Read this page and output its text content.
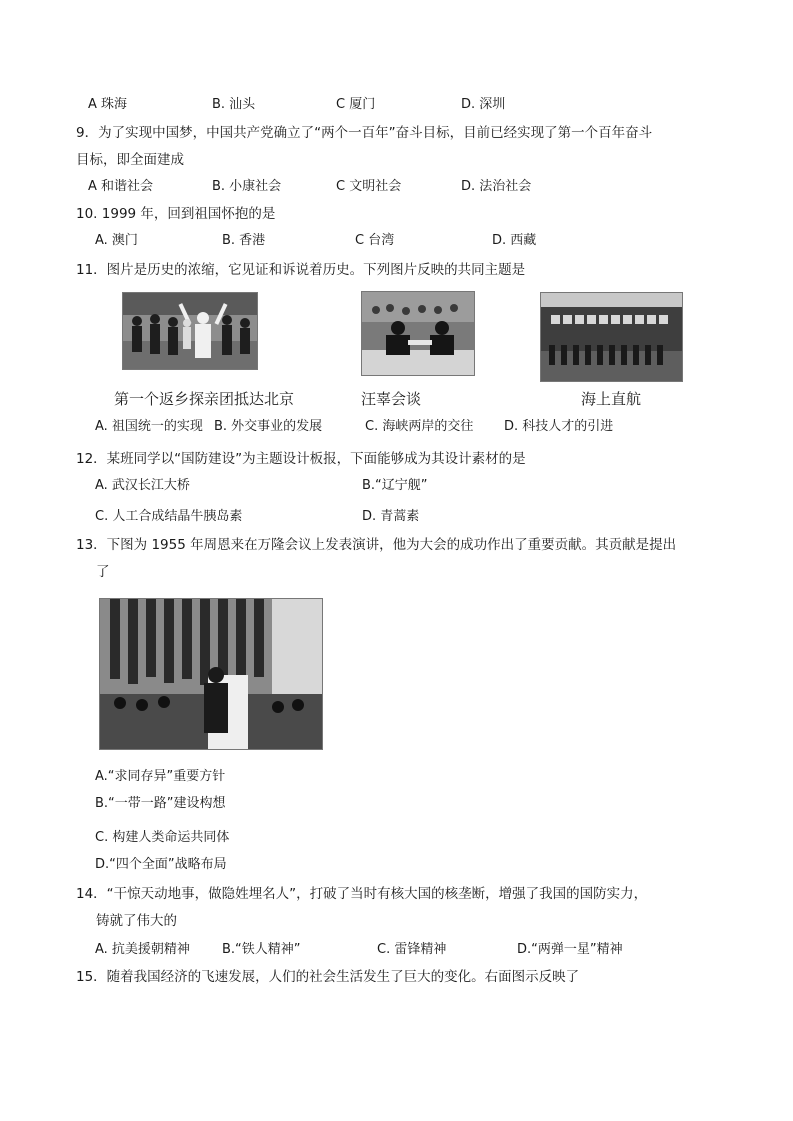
A 珠海	B. 汕头	C 厦门	D. 深圳
9．为了实现中国梦，中国共产党确立了“两个一百年”奋斗目标，目前已经实现了第一个百年奋斗
目标，即全面建成
A 和谐社会	B. 小康社会	C 文明社会	D. 法治社会
10. 1999 年，回到祖国怀抱的是
A. 澳门	B. 香港	C 台湾	D. 西藏
11．图片是历史的浓缩，它见证和诉说着历史。下列图片反映的共同主题是
第一个返乡探亲团抵达北京	汪辜会谈	海上直航
A. 祖国统一的实现 B. 外交事业的发展	C. 海峡两岸的交往 D. 科技人才的引进
12．某班同学以“国防建设”为主题设计板报，下面能够成为其设计素材的是
A. 武汉长江大桥	B.“辽宁舰”
C. 人工合成结晶牛胰岛素	D. 青蒿素
13．下图为 1955 年周恩来在万隆会议上发表演讲，他为大会的成功作出了重要贡献。其贡献是提出
了
A.“求同存异”重要方针
B.“一带一路”建设构想
C. 构建人类命运共同体
D.“四个全面”战略布局
14．“干惊天动地事，做隐姓埋名人”，打破了当时有核大国的核垄断，增强了我国的国防实力，
铸就了伟大的
A. 抗美援朝精神 B.“铁人精神”	C. 雷锋精神	D.“两弹一星”精神
15．随着我国经济的飞速发展，人们的社会生活发生了巨大的变化。右面图示反映了
